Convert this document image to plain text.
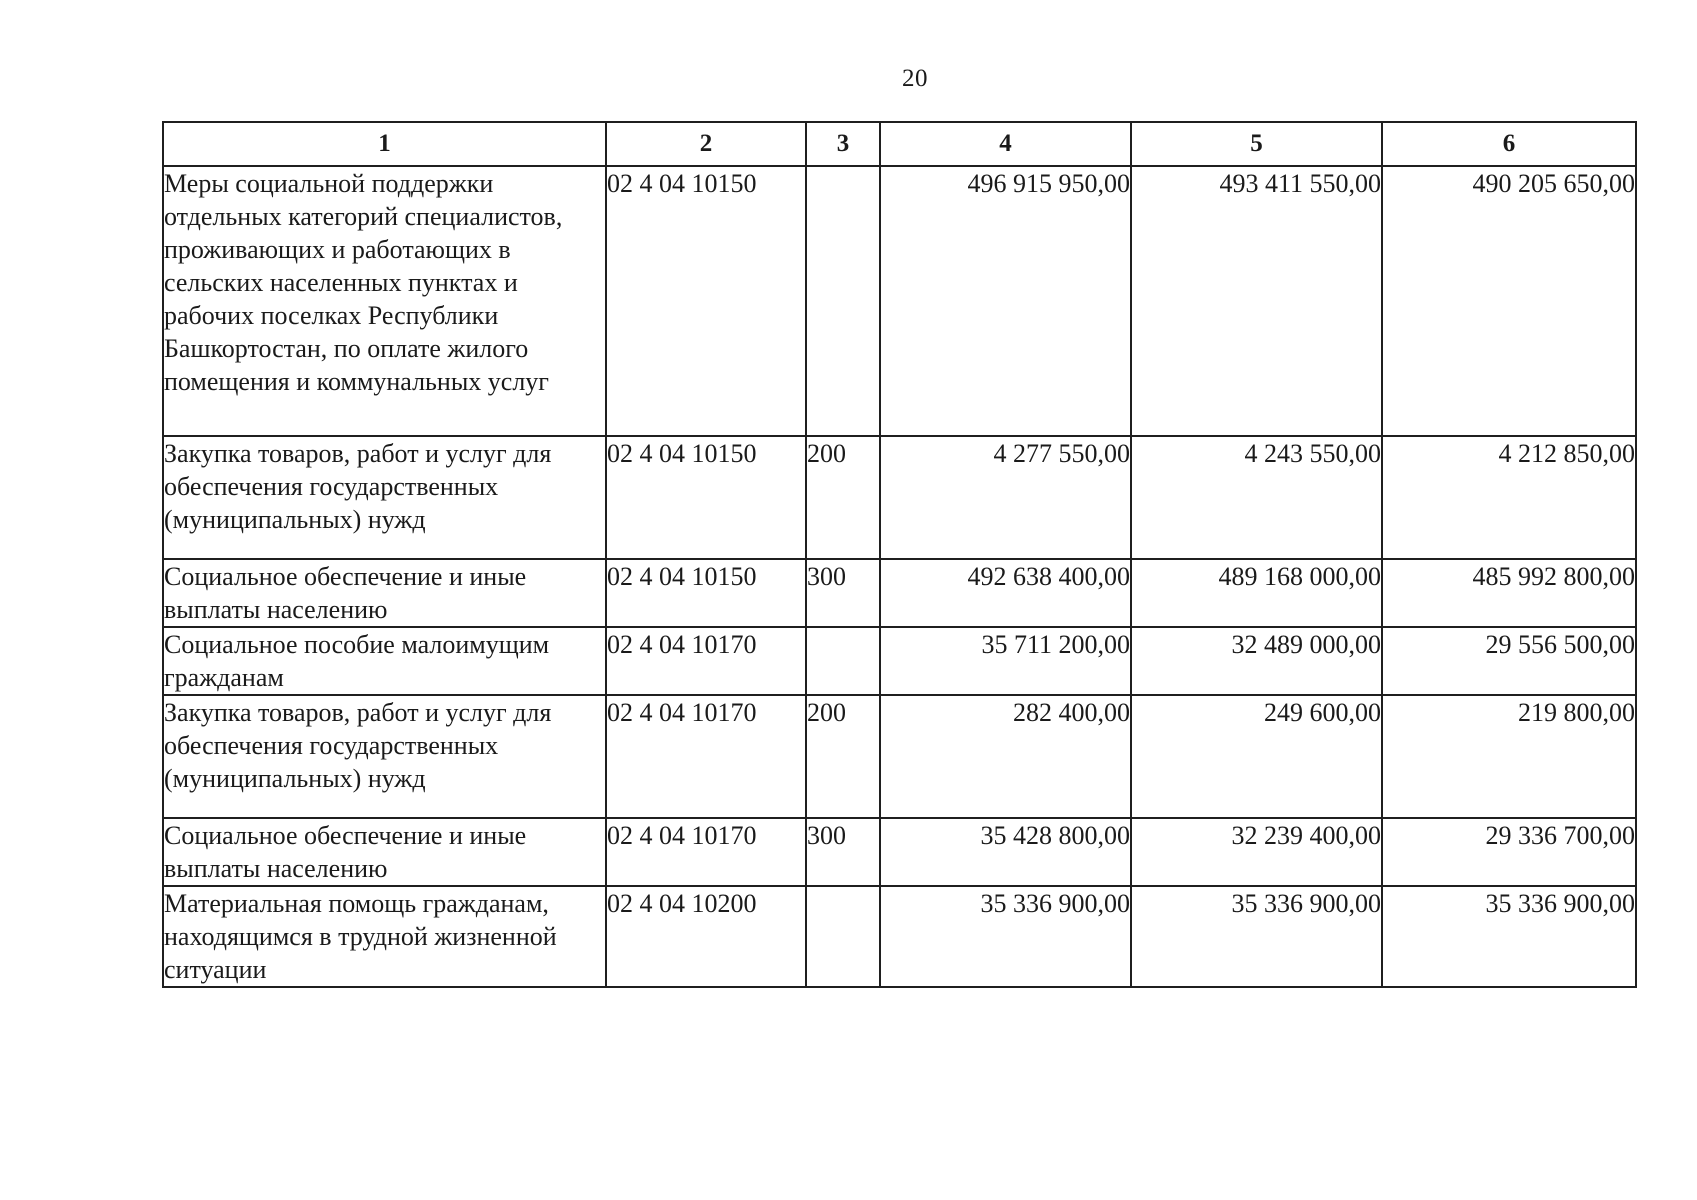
20
1	2	3	4	5	6
Меры социальной поддержки отдельных категорий специалистов, проживающих и работающих в сельских населенных пунктах и рабочих поселках Республики Башкортостан, по оплате жилого помещения и коммунальных услуг	02 4 04 10150		496 915 950,00	493 411 550,00	490 205 650,00
Закупка товаров, работ и услуг для обеспечения государственных (муниципальных) нужд	02 4 04 10150	200	4 277 550,00	4 243 550,00	4 212 850,00
Социальное обеспечение и иные выплаты населению	02 4 04 10150	300	492 638 400,00	489 168 000,00	485 992 800,00
Социальное пособие малоимущим гражданам	02 4 04 10170		35 711 200,00	32 489 000,00	29 556 500,00
Закупка товаров, работ и услуг для обеспечения государственных (муниципальных) нужд	02 4 04 10170	200	282 400,00	249 600,00	219 800,00
Социальное обеспечение и иные выплаты населению	02 4 04 10170	300	35 428 800,00	32 239 400,00	29 336 700,00
Материальная помощь гражданам, находящимся в трудной жизненной ситуации	02 4 04 10200		35 336 900,00	35 336 900,00	35 336 900,00
